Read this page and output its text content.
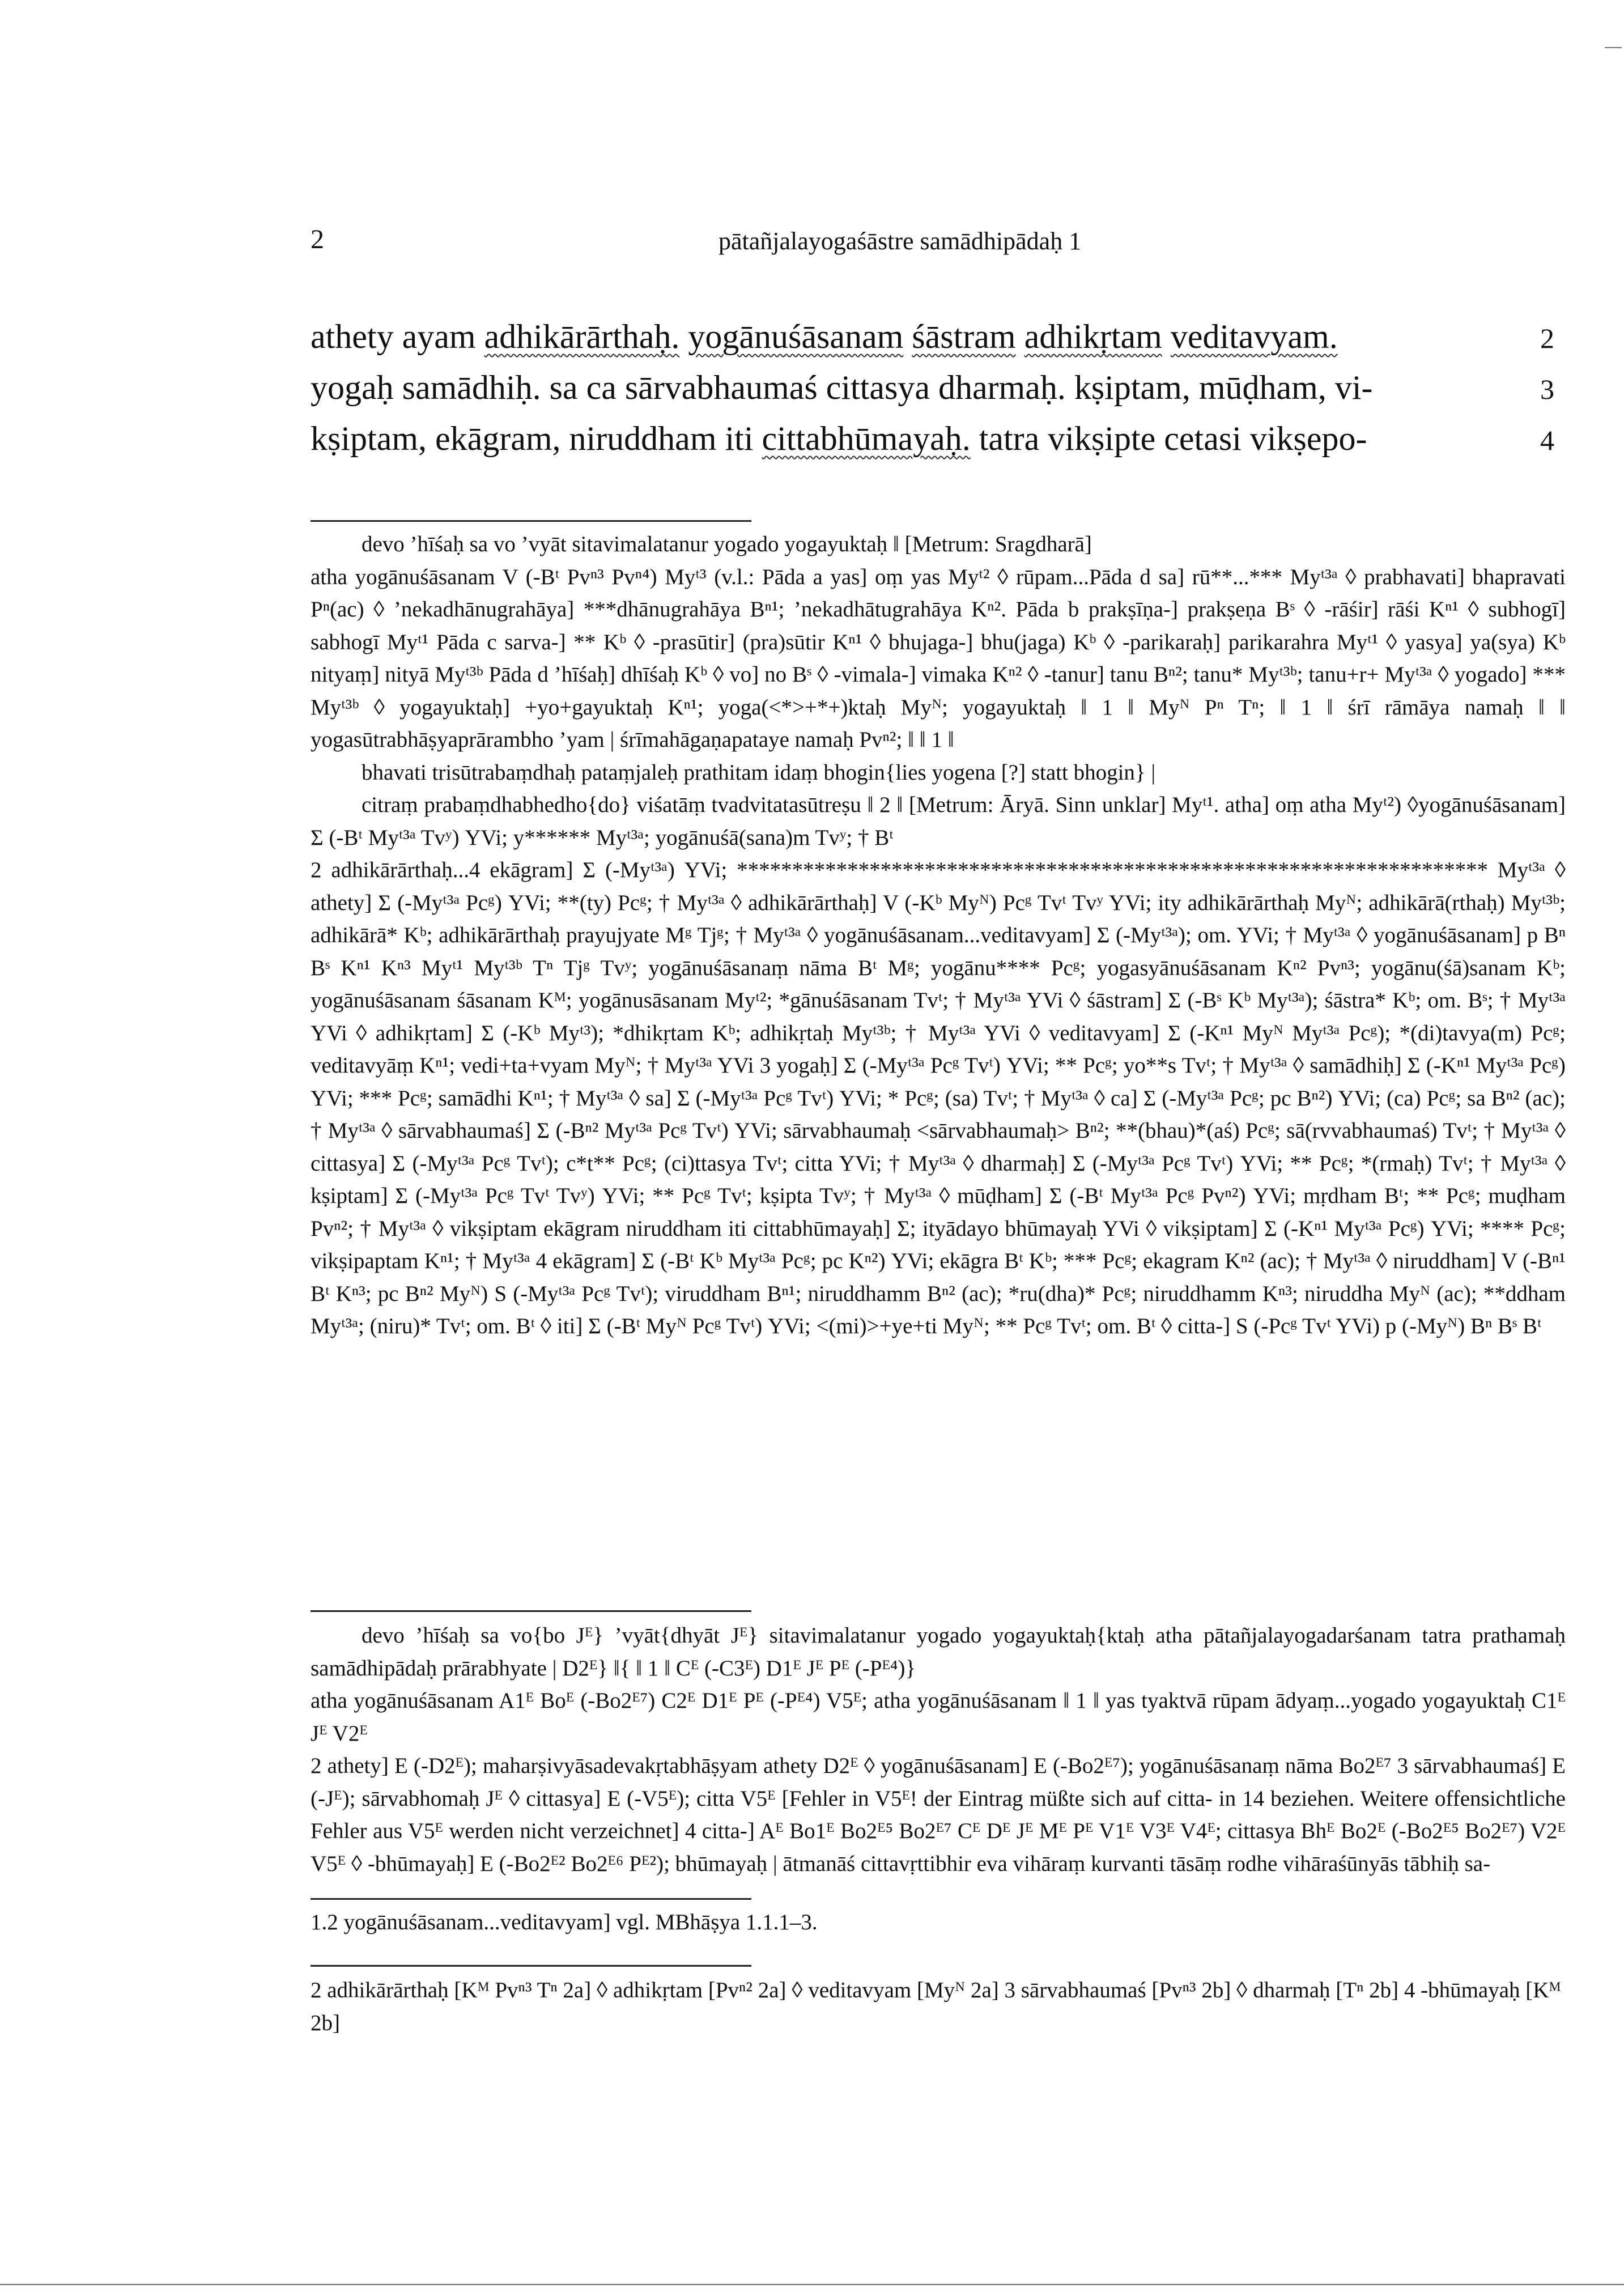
2	pātañjalayogaśāstre samādhipādaḥ 1
athety ayam adhikārārthaḥ. yogānuśāsanam śāstram adhikṛtam veditavyam.	2
yogaḥ samādhiḥ. sa ca sārvabhaumaś cittasya dharmaḥ. kṣiptam, mūḍham, vi-	3
kṣiptam, ekāgram, niruddham iti cittabhūmayaḥ. tatra vikṣipte cetasi vikṣepo-	4

devo ’hīśaḥ sa vo ’vyāt sitavimalatanur yogado yogayuktaḥ ‖ [Metrum: Sragdharā]

atha yogānuśāsanam V (-Bᵗ Pvⁿ³ Pvⁿ⁴) Myᵗ³ (v.l.: Pāda a yas] oṃ yas Myᵗ² ◊ rūpam...Pāda d sa] rū**...*** Myᵗ³ᵃ ◊ prabhavati] bhapravati Pⁿ(ac) ◊ ’nekadhānugrahāya] ***dhānugrahāya Bⁿ¹; ’nekadhātugrahāya Kⁿ². Pāda b prakṣīṇa-] prakṣeṇa Bˢ ◊ -rāśir] rāśi Kⁿ¹ ◊ subhogī] sabhogī Myᵗ¹ Pāda c sarva-] ** Kᵇ ◊ -prasūtir] (pra)sūtir Kⁿ¹ ◊ bhujaga-] bhu(jaga) Kᵇ ◊ -parikaraḥ] parikarahra Myᵗ¹ ◊ yasya] ya(sya) Kᵇ nityaṃ] nityā Myᵗ³ᵇ Pāda d ’hīśaḥ] dhīśaḥ Kᵇ ◊ vo] no Bˢ ◊ -vimala-] vimaka Kⁿ² ◊ -tanur] tanu Bⁿ²; tanu* Myᵗ³ᵇ; tanu+r+ Myᵗ³ᵃ ◊ yogado] *** Myᵗ³ᵇ ◊ yogayuktaḥ] +yo+gayuktaḥ Kⁿ¹; yoga(<*>+*+)ktaḥ Myᴺ; yogayuktaḥ ‖ 1 ‖ Myᴺ Pⁿ Tⁿ; ‖ 1 ‖ śrī rāmāya namaḥ ‖ ‖ yogasūtrabhāṣyaprārambho ’yam | śrīmahāgaṇapataye namaḥ Pvⁿ²; ‖ ‖ 1 ‖

bhavati trisūtrabaṃdhaḥ pataṃjaleḥ prathitam idaṃ bhogin{lies yogena [?] statt bhogin} |

citraṃ prabaṃdhabhedho{do} viśatāṃ tvadvitatasūtreṣu ‖ 2 ‖ [Metrum: Āryā. Sinn unklar] Myᵗ¹. atha] oṃ atha Myᵗ²) ◊yogānuśāsanam] Σ (-Bᵗ Myᵗ³ᵃ Tvʸ) YVi; y****** Myᵗ³ᵃ; yogānuśā(sana)m Tvʸ; † Bᵗ

2 adhikārārthaḥ...4 ekāgram] Σ (-Myᵗ³ᵃ) YVi; ******************************************************************** Myᵗ³ᵃ ◊ athety] Σ (-Myᵗ³ᵃ Pcᵍ) YVi; **(ty) Pcᵍ; † Myᵗ³ᵃ ◊ adhikārārthaḥ] V (-Kᵇ Myᴺ) Pcᵍ Tvᵗ Tvʸ YVi; ity adhikārārthaḥ Myᴺ; adhikārā(rthaḥ) Myᵗ³ᵇ; adhikārā* Kᵇ; adhikārārthaḥ prayujyate Mᵍ Tjᵍ; † Myᵗ³ᵃ ◊ yogānuśāsanam...veditavyam] Σ (-Myᵗ³ᵃ); om. YVi; † Myᵗ³ᵃ ◊ yogānuśāsanam] p Bⁿ Bˢ Kⁿ¹ Kⁿ³ Myᵗ¹ Myᵗ³ᵇ Tⁿ Tjᵍ Tvʸ; yogānuśāsanaṃ nāma Bᵗ Mᵍ; yogānu**** Pcᵍ; yogasyānuśāsanam Kⁿ² Pvⁿ³; yogānu(śā)sanam Kᵇ; yogānuśāsanam śāsanam Kᴹ; yogānusāsanam Myᵗ²; *gānuśāsanam Tvᵗ; † Myᵗ³ᵃ YVi ◊ śāstram] Σ (-Bˢ Kᵇ Myᵗ³ᵃ); śāstra* Kᵇ; om. Bˢ; † Myᵗ³ᵃ YVi ◊ adhikṛtam] Σ (-Kᵇ Myᵗ³); *dhikṛtam Kᵇ; adhikṛtaḥ Myᵗ³ᵇ; † Myᵗ³ᵃ YVi ◊ veditavyam] Σ (-Kⁿ¹ Myᴺ Myᵗ³ᵃ Pcᵍ); *(di)tavya(m) Pcᵍ; veditavyāṃ Kⁿ¹; vedi+ta+vyam Myᴺ; † Myᵗ³ᵃ YVi 3 yogaḥ] Σ (-Myᵗ³ᵃ Pcᵍ Tvᵗ) YVi; ** Pcᵍ; yo**s Tvᵗ; † Myᵗ³ᵃ ◊ samādhiḥ] Σ (-Kⁿ¹ Myᵗ³ᵃ Pcᵍ) YVi; *** Pcᵍ; samādhi Kⁿ¹; † Myᵗ³ᵃ ◊ sa] Σ (-Myᵗ³ᵃ Pcᵍ Tvᵗ) YVi; * Pcᵍ; (sa) Tvᵗ; † Myᵗ³ᵃ ◊ ca] Σ (-Myᵗ³ᵃ Pcᵍ; pc Bⁿ²) YVi; (ca) Pcᵍ; sa Bⁿ² (ac); † Myᵗ³ᵃ ◊ sārvabhaumaś] Σ (-Bⁿ² Myᵗ³ᵃ Pcᵍ Tvᵗ) YVi; sārvabhaumaḥ <sārvabhaumaḥ> Bⁿ²; **(bhau)*(aś) Pcᵍ; sā(rvvabhaumaś) Tvᵗ; † Myᵗ³ᵃ ◊ cittasya] Σ (-Myᵗ³ᵃ Pcᵍ Tvᵗ); c*t** Pcᵍ; (ci)ttasya Tvᵗ; citta YVi; † Myᵗ³ᵃ ◊ dharmaḥ] Σ (-Myᵗ³ᵃ Pcᵍ Tvᵗ) YVi; ** Pcᵍ; *(rmaḥ) Tvᵗ; † Myᵗ³ᵃ ◊ kṣiptam] Σ (-Myᵗ³ᵃ Pcᵍ Tvᵗ Tvʸ) YVi; ** Pcᵍ Tvᵗ; kṣipta Tvʸ; † Myᵗ³ᵃ ◊ mūḍham] Σ (-Bᵗ Myᵗ³ᵃ Pcᵍ Pvⁿ²) YVi; mṛdham Bᵗ; ** Pcᵍ; muḍham Pvⁿ²; † Myᵗ³ᵃ ◊ vikṣiptam ekāgram niruddham iti cittabhūmayaḥ] Σ; ityādayo bhūmayaḥ YVi ◊ vikṣiptam] Σ (-Kⁿ¹ Myᵗ³ᵃ Pcᵍ) YVi; **** Pcᵍ; vikṣipaptam Kⁿ¹; † Myᵗ³ᵃ 4 ekāgram] Σ (-Bᵗ Kᵇ Myᵗ³ᵃ Pcᵍ; pc Kⁿ²) YVi; ekāgra Bᵗ Kᵇ; *** Pcᵍ; ekagram Kⁿ² (ac); † Myᵗ³ᵃ ◊ niruddham] V (-Bⁿ¹ Bᵗ Kⁿ³; pc Bⁿ² Myᴺ) S (-Myᵗ³ᵃ Pcᵍ Tvᵗ); viruddham Bⁿ¹; niruddhamm Bⁿ² (ac); *ru(dha)* Pcᵍ; niruddhamm Kⁿ³; niruddha Myᴺ (ac); **ddham Myᵗ³ᵃ; (niru)* Tvᵗ; om. Bᵗ ◊ iti] Σ (-Bᵗ Myᴺ Pcᵍ Tvᵗ) YVi; <(mi)>+ye+ti Myᴺ; ** Pcᵍ Tvᵗ; om. Bᵗ ◊ citta-] S (-Pcᵍ Tvᵗ YVi) p (-Myᴺ) Bⁿ Bˢ Bᵗ

devo ’hīśaḥ sa vo{bo Jᴱ} ’vyāt{dhyāt Jᴱ} sitavimalatanur yogado yogayuktaḥ{ktaḥ atha pātañjalayogadarśanam tatra prathamaḥ samādhipādaḥ prārabhyate | D2ᴱ} ‖{ ‖ 1 ‖ Cᴱ (-C3ᴱ) D1ᴱ Jᴱ Pᴱ (-Pᴱ⁴)}

atha yogānuśāsanam A1ᴱ Boᴱ (-Bo2ᴱ⁷) C2ᴱ D1ᴱ Pᴱ (-Pᴱ⁴) V5ᴱ; atha yogānuśāsanam ‖ 1 ‖ yas tyaktvā rūpam ādyaṃ...yogado yogayuktaḥ C1ᴱ Jᴱ V2ᴱ

2 athety] E (-D2ᴱ); maharṣivyāsadevakṛtabhāṣyam athety D2ᴱ ◊ yogānuśāsanam] E (-Bo2ᴱ⁷); yogānuśāsanaṃ nāma Bo2ᴱ⁷ 3 sārvabhaumaś] E (-Jᴱ); sārvabhomaḥ Jᴱ ◊ cittasya] E (-V5ᴱ); citta V5ᴱ [Fehler in V5ᴱ! der Eintrag müßte sich auf citta- in 14 beziehen. Weitere offensichtliche Fehler aus V5ᴱ werden nicht verzeichnet] 4 citta-] Aᴱ Bo1ᴱ Bo2ᴱ⁵ Bo2ᴱ⁷ Cᴱ Dᴱ Jᴱ Mᴱ Pᴱ V1ᴱ V3ᴱ V4ᴱ; cittasya Bhᴱ Bo2ᴱ (-Bo2ᴱ⁵ Bo2ᴱ⁷) V2ᴱ V5ᴱ ◊ -bhūmayaḥ] E (-Bo2ᴱ² Bo2ᴱ⁶ Pᴱ²); bhūmayaḥ | ātmanāś cittavṛttibhir eva vihāraṃ kurvanti tāsāṃ rodhe vihāraśūnyās tābhiḥ sa-

1.2 yogānuśāsanam...veditavyam] vgl. MBhāṣya 1.1.1–3.

2 adhikārārthaḥ [Kᴹ Pvⁿ³ Tⁿ 2a] ◊ adhikṛtam [Pvⁿ² 2a] ◊ veditavyam [Myᴺ 2a] 3 sārvabhaumaś [Pvⁿ³ 2b] ◊ dharmaḥ [Tⁿ 2b] 4 -bhūmayaḥ [Kᴹ 2b]
